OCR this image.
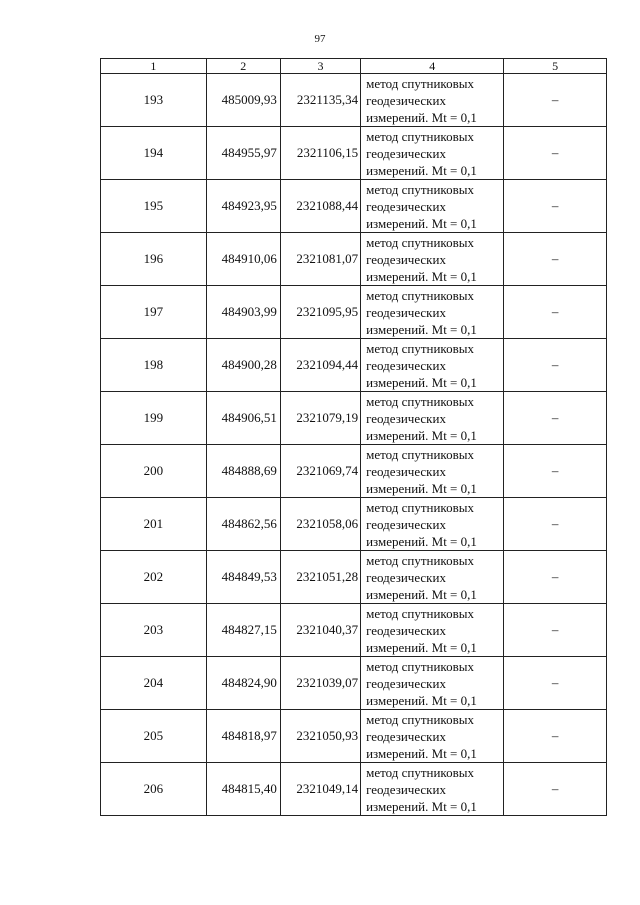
97
1	2	3	4	5
193	485009,93	2321135,34	метод спутниковых
геодезических
измерений. Mt = 0,1	–
194	484955,97	2321106,15	метод спутниковых
геодезических
измерений. Mt = 0,1	–
195	484923,95	2321088,44	метод спутниковых
геодезических
измерений. Mt = 0,1	–
196	484910,06	2321081,07	метод спутниковых
геодезических
измерений. Mt = 0,1	–
197	484903,99	2321095,95	метод спутниковых
геодезических
измерений. Mt = 0,1	–
198	484900,28	2321094,44	метод спутниковых
геодезических
измерений. Mt = 0,1	–
199	484906,51	2321079,19	метод спутниковых
геодезических
измерений. Mt = 0,1	–
200	484888,69	2321069,74	метод спутниковых
геодезических
измерений. Mt = 0,1	–
201	484862,56	2321058,06	метод спутниковых
геодезических
измерений. Mt = 0,1	–
202	484849,53	2321051,28	метод спутниковых
геодезических
измерений. Mt = 0,1	–
203	484827,15	2321040,37	метод спутниковых
геодезических
измерений. Mt = 0,1	–
204	484824,90	2321039,07	метод спутниковых
геодезических
измерений. Mt = 0,1	–
205	484818,97	2321050,93	метод спутниковых
геодезических
измерений. Mt = 0,1	–
206	484815,40	2321049,14	метод спутниковых
геодезических
измерений. Mt = 0,1	–
